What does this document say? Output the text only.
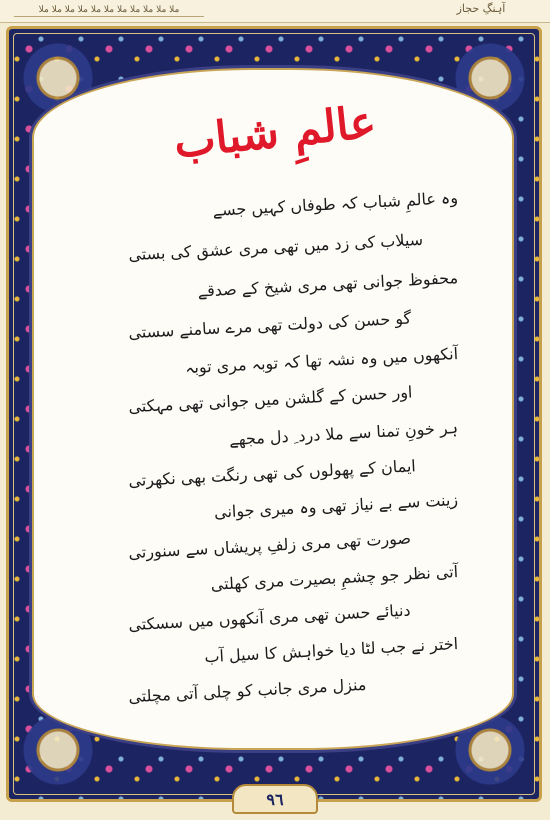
ملا ملا ملا ملا ملا ملا ملا ملا ملا ملا ملا	آہنگِ حجاز
عالمِ شباب
وہ عالمِ شباب کہ طوفاں کہیں جسے
سیلاب کی زد میں تھی مری عشق کی بستی
محفوظ جوانی تھی مری شیخ کے صدقے
گو حسن کی دولت تھی مرے سامنے سستی
آنکھوں میں وہ نشہ تھا کہ توبہ مری توبہ
اور حسن کے گلشن میں جوانی تھی مہکتی
ہر خونِ تمنا سے ملا درد ِ دل مجھے
ایمان کے پھولوں کی تھی رنگت بھی نکھرتی
زینت سے بے نیاز تھی وہ میری جوانی
صورت تھی مری زلفِ پریشاں سے سنورتی
آتی نظر جو چشمِ بصیرت مری کھلتی
دنیائے حسن تھی مری آنکھوں میں سسکتی
اختر نے جب لٹا دیا خواہش کا سیل آب
منزل مری جانب کو چلی آتی مچلتی
٩٦
